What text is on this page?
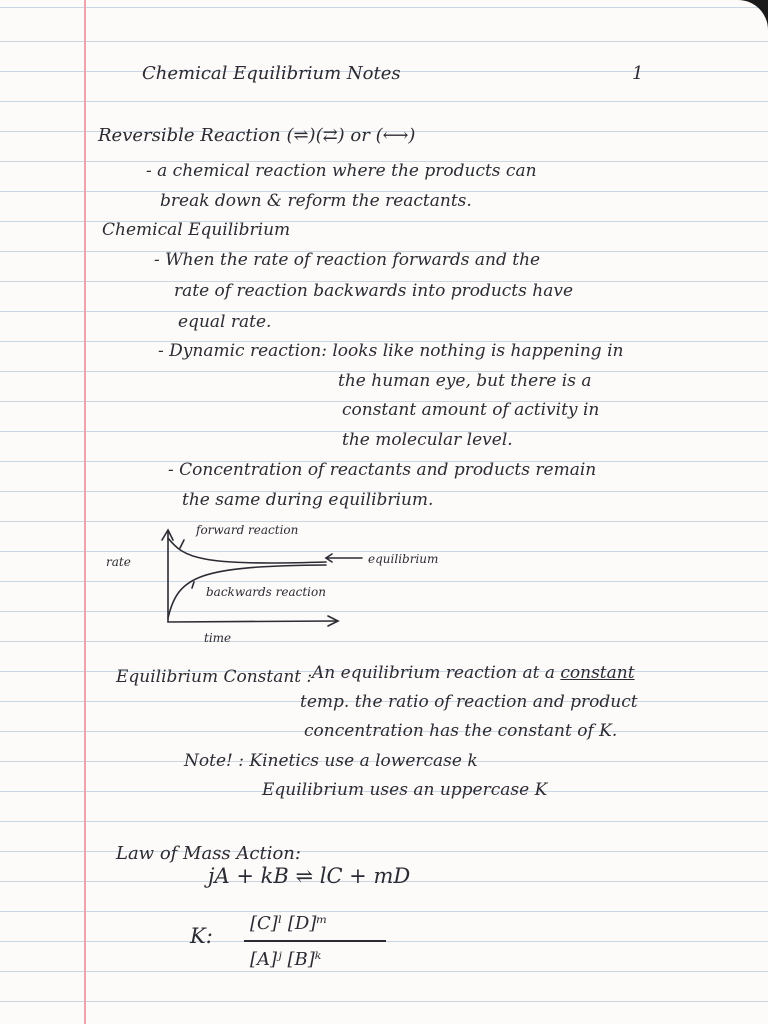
Chemical Equilibrium Notes	1

Reversible Reaction (⇌)(⇄) or (⟷)

- a chemical reaction where the products can

break down & reform the reactants.

Chemical Equilibrium

- When the rate of reaction forwards and the

rate of reaction backwards into products have

equal rate.

- Dynamic reaction: looks like nothing is happening in

the human eye, but there is a

constant amount of activity in

the molecular level.

- Concentration of reactants and products remain

the same during equilibrium.

forward reaction

equilibrium

backwards reaction

rate

time

Equilibrium Constant : An equilibrium reaction at a constant

temp. the ratio of reaction and product

concentration has the constant of K.

Note! : Kinetics use a lowercase k

Equilibrium uses an uppercase K

Law of Mass Action:

jA + kB ⇌ lC + mD

K:

[C]ˡ [D]ᵐ

[A]ʲ [B]ᵏ
